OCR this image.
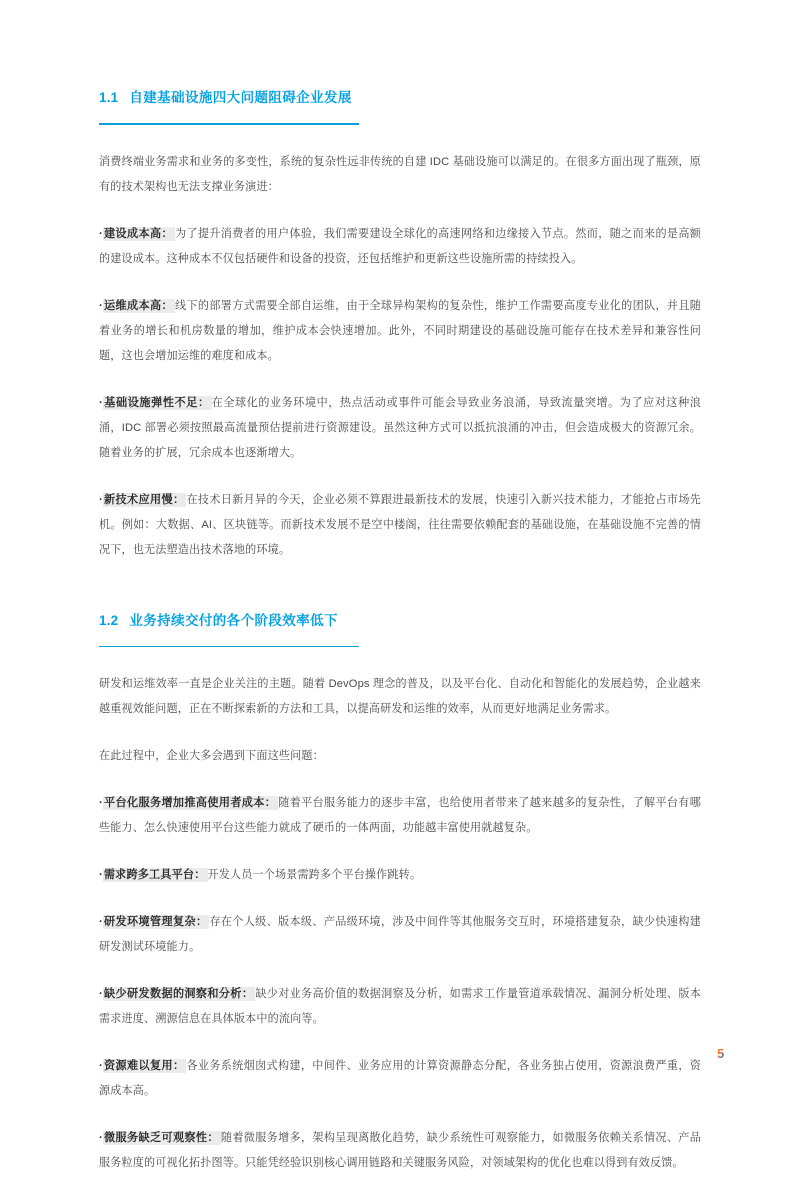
1.1 自建基础设施四大问题阻碍企业发展

消费终端业务需求和业务的多变性，系统的复杂性远非传统的自建 IDC 基础设施可以满足的。在很多方面出现了瓶颈，原有的技术架构也无法支撑业务演进：

·建设成本高： 为了提升消费者的用户体验，我们需要建设全球化的高速网络和边缘接入节点。然而，随之而来的是高额的建设成本。这种成本不仅包括硬件和设备的投资，还包括维护和更新这些设施所需的持续投入。

·运维成本高： 线下的部署方式需要全部自运维，由于全球异构架构的复杂性，维护工作需要高度专业化的团队，并且随着业务的增长和机房数量的增加，维护成本会快速增加。此外，不同时期建设的基础设施可能存在技术差异和兼容性问题，这也会增加运维的难度和成本。

·基础设施弹性不足： 在全球化的业务环境中，热点活动或事件可能会导致业务浪涌，导致流量突增。为了应对这种浪涌，IDC 部署必须按照最高流量预估提前进行资源建设。虽然这种方式可以抵抗浪涌的冲击，但会造成极大的资源冗余。随着业务的扩展，冗余成本也逐渐增大。

·新技术应用慢： 在技术日新月异的今天，企业必须不算跟进最新技术的发展，快速引入新兴技术能力，才能抢占市场先机。例如：大数据、AI、区块链等。而新技术发展不是空中楼阁，往往需要依赖配套的基础设施，在基础设施不完善的情况下，也无法塑造出技术落地的环境。

1.2 业务持续交付的各个阶段效率低下

研发和运维效率一直是企业关注的主题。随着 DevOps 理念的普及，以及平台化、自动化和智能化的发展趋势，企业越来越重视效能问题，正在不断探索新的方法和工具，以提高研发和运维的效率，从而更好地满足业务需求。

在此过程中，企业大多会遇到下面这些问题：

·平台化服务增加推高使用者成本： 随着平台服务能力的逐步丰富，也给使用者带来了越来越多的复杂性，了解平台有哪些能力、怎么快速使用平台这些能力就成了硬币的一体两面，功能越丰富使用就越复杂。

·需求跨多工具平台： 开发人员一个场景需跨多个平台操作跳转。

·研发环境管理复杂： 存在个人级、版本级、产品级环境，涉及中间件等其他服务交互时，环境搭建复杂，缺少快速构建研发测试环境能力。

·缺少研发数据的洞察和分析： 缺少对业务高价值的数据洞察及分析，如需求工作量管道承载情况、漏洞分析处理、版本需求进度、溯源信息在具体版本中的流向等。

·资源难以复用： 各业务系统烟囱式构建，中间件、业务应用的计算资源静态分配，各业务独占使用，资源浪费严重，资源成本高。

·微服务缺乏可观察性： 随着微服务增多，架构呈现离散化趋势，缺少系统性可观察能力，如微服务依赖关系情况、产品服务粒度的可视化拓扑图等。只能凭经验识别核心调用链路和关键服务风险，对领域架构的优化也难以得到有效反馈。

5
